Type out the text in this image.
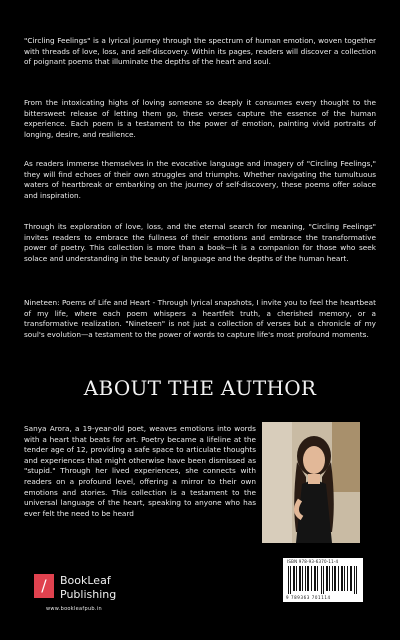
"Circling Feelings" is a lyrical journey through the spectrum of human emotion, woven together with threads of love, loss, and self-discovery. Within its pages, readers will discover a collection of poignant poems that illuminate the depths of the heart and soul.

From the intoxicating highs of loving someone so deeply it consumes every thought to the bittersweet release of letting them go, these verses capture the essence of the human experience. Each poem is a testament to the power of emotion, painting vivid portraits of longing, desire, and resilience.

As readers immerse themselves in the evocative language and imagery of "Circling Feelings," they will find echoes of their own struggles and triumphs. Whether navigating the tumultuous waters of heartbreak or embarking on the journey of self-discovery, these poems offer solace and inspiration.

Through its exploration of love, loss, and the eternal search for meaning, "Circling Feelings" invites readers to embrace the fullness of their emotions and embrace the transformative power of poetry. This collection is more than a book—it is a companion for those who seek solace and understanding in the beauty of language and the depths of the human heart.

Nineteen: Poems of Life and Heart - Through lyrical snapshots, I invite you to feel the heartbeat of my life, where each poem whispers a heartfelt truth, a cherished memory, or a transformative realization. "Nineteen" is not just a collection of verses but a chronicle of my soul's evolution—a testament to the power of words to capture life's most profound moments.

ABOUT THE AUTHOR

Sanya Arora, a 19-year-old poet, weaves emotions into words with a heart that beats for art. Poetry became a lifeline at the tender age of 12, providing a safe space to articulate thoughts and experiences that might otherwise have been dismissed as "stupid." Through her lived experiences, she connects with readers on a profound level, offering a mirror to their own emotions and stories. This collection is a testament to the universal language of the heart, speaking to anyone who has ever felt the need to be heard

/	BookLeaf
Publishing
www.bookleafpub.in
ISBN 978-93-6370-11-4
9 789363 701114
